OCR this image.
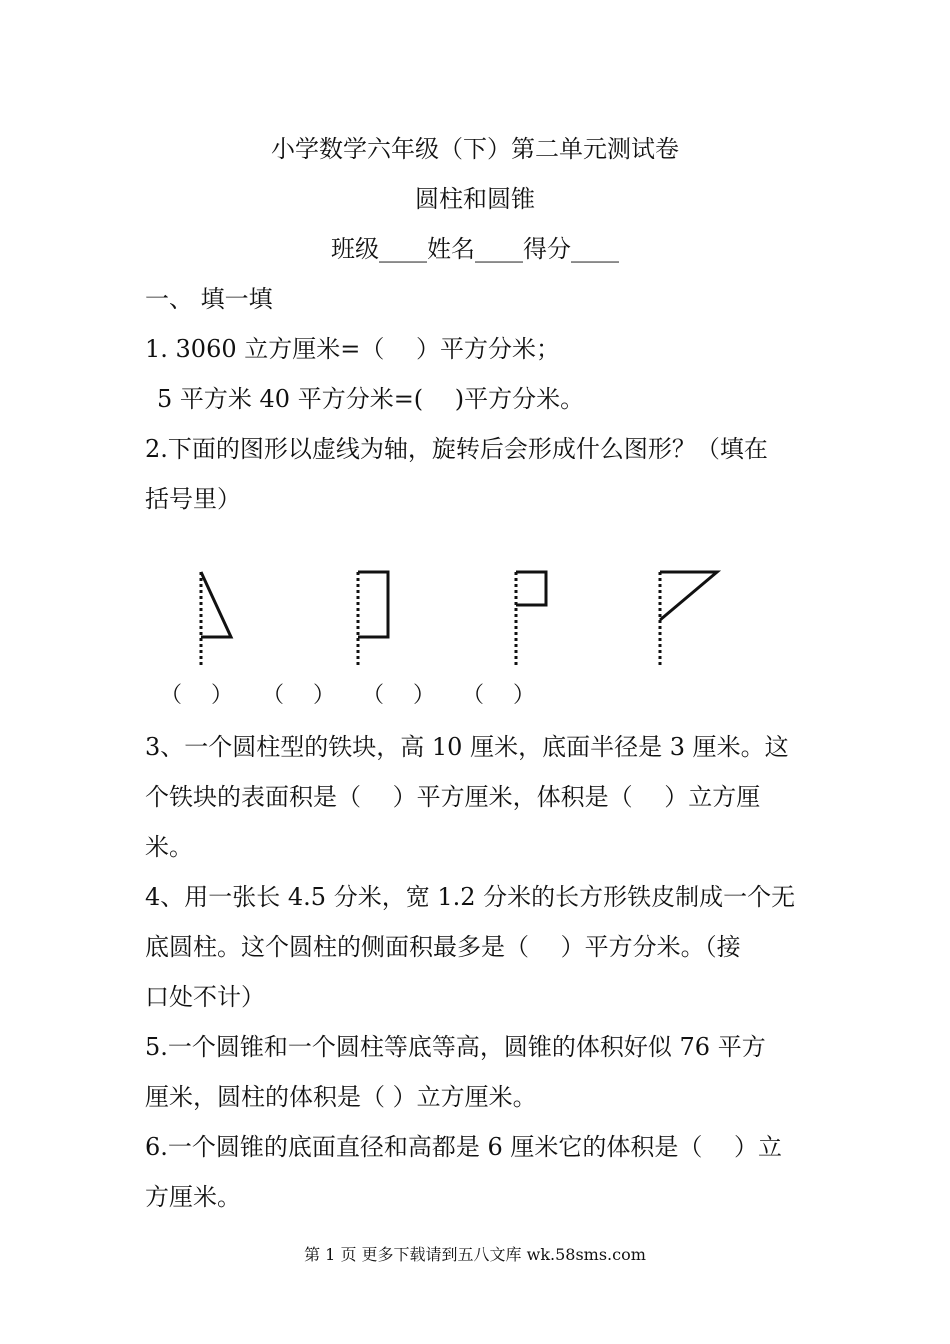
小学数学六年级（下）第二单元测试卷
圆柱和圆锥
班级____姓名____得分____
一、 填一填
1. 3060 立方厘米=（　 ）平方分米；
5 平方米 40 平方分米=(　 )平方分米。
2.下面的图形以虚线为轴，旋转后会形成什么图形？（填在
括号里）
（　 ） （　 ） （　 ） （　 ）
3、一个圆柱型的铁块，高 10 厘米，底面半径是 3 厘米。这
个铁块的表面积是（　 ）平方厘米，体积是（　 ）立方厘
米。
4、用一张长 4.5 分米，宽 1.2 分米的长方形铁皮制成一个无
底圆柱。这个圆柱的侧面积最多是（　 ）平方分米。（接
口处不计）
5.一个圆锥和一个圆柱等底等高，圆锥的体积好似 76 平方
厘米，圆柱的体积是（ ）立方厘米。
6.一个圆锥的底面直径和高都是 6 厘米它的体积是（　 ）立
方厘米。
第 1 页 更多下载请到五八文库 wk.58sms.com
